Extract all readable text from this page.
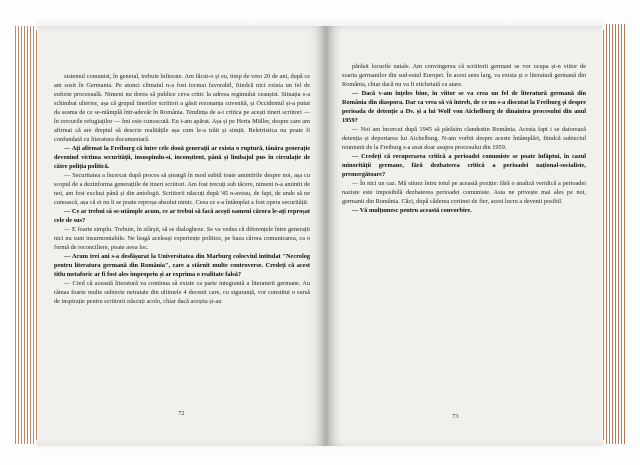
sistemul comunist, în general, trebuie înfierate. Am făcut-o și eu, timp de vreo 20 de ani, după ce am sosit în Germania. Pe atunci climatul n-a fost tocmai favorabil, fiindcă nici exista un fel de euforie procesuală. Nimeni nu dorea să publice ceva critic la adresa regimului ceaușist. Situația s-a schimbat ulterior, așa că grupul tinerilor scriitori a găsit rezonanța cuvenită, și Occidentul și-a putut da seama de ce se-ntâmplă într-adevăr în România. Tendința de a-i critica pe acești tineri scriitori — în cercurile refugiaților — îmi este cunoscută. Eu i-am apărat. Așa și pe Herta Müller, despre care am afirmat că are dreptul să descrie realitățile așa cum le-a trăit și simțit. Beletristica nu poate fi confundată cu literatura documentară.

— Ați afirmat la Freiburg că între cele două generații ar exista o ruptură, tânăra generație devenind victima securității, insuspindu-si, inconștient, până și limbajul pus în circulație de către poliția politică.

— Securitatea a încercat după proces să șteargă în mod subtil toate amintirile despre noi, așa cu scopul de a dezinforma generațiile de tineri scriitori. Am fost trecuți sub tăcere, nimeni n-a amintit de noi, am fost excluși până și din antologii. Scriitorii născuți după '45 n-aveau, de fapt, de unde să ne cunoască, așa că ei nu li se poate reproșa absolut nimic. Ceea ce s-a întâmplat a fost opera securității.

— Ce ar trebui să se-ntâmple acum, ce ar trebui să facă acești oameni cărora le-ați reproșat cele de sus?

— E foarte simplu. Trebuie, în sfârșit, să se dialogheze. Se va vedea că diferențele între generații nici nu sunt insurmontabile. Ne leagă aceleași experiențe politice, pe baza cărora comunicarea, ca o formă de reconciliere, poate avea loc.

— Acum trei ani s-a desfășurat la Universitatea din Marburg colocviul intitulat "Necrolog pentru literatura germană din România", care a stârnit multe controverse. Credeți că acest titlu metaforic ar fi fost ales impropriu și ar exprima o realitate falsă?

— Cred că această literatură va continua să existe ca parte integrantă a literaturii germane. Au rămas foarte multe subiecte netratate din ultimele 4 decenii care, cu siguranță, vor constitui o sursă de inspirație pentru scriitorii născuți acolo, chiar dacă aceștia și-au

72

părăsit locurile natale. Am convingerea că scriitorii germani se vor ocupa și-n viitor de soarta germanilor din sud-estul Europei. În acest sens larg, va exista și o literatură germană din România, chiar dacă nu va fi etichetată ca atare.

— Dacă v-am înțeles bine, în viitor se va crea un fel de literatură germană din România din diaspora. Dar ca vrea să vă întreb, de ce nu s-a discutat la Freiburg și despre perioada de detenție a Dv. și a lui Wolf von Aichelburg de dinaintea procesului din anul 1959?

— Noi am încercat după 1945 să părăsim clandestin România. Acesta fapt i se datorează detenția și deportarea lui Aichelburg. N-am vorbit despre aceste întâmplări, fiindcă subiectul reuniunii de la Freiburg s-a axat doar asupra procesului din 1959.

— Credeți că recuperarea critică a perioadei comuniste se poate înfăptui, în cazul minorității germane, fără dezbaterea critică a perioadei național-socialiste, premergătoare?

— În nici un caz. Mă situez întru totul pe această poziție: fără o analiză veridică a perioadei naziste este imposibilă dezbaterea perioadei comuniste. Asta ne privește mai ales pe noi, germanii din România. Căci, după căderea cortinei de fier, acest lucru a devenit posibil.

— Vă mulțumesc pentru această convorbire.

73
